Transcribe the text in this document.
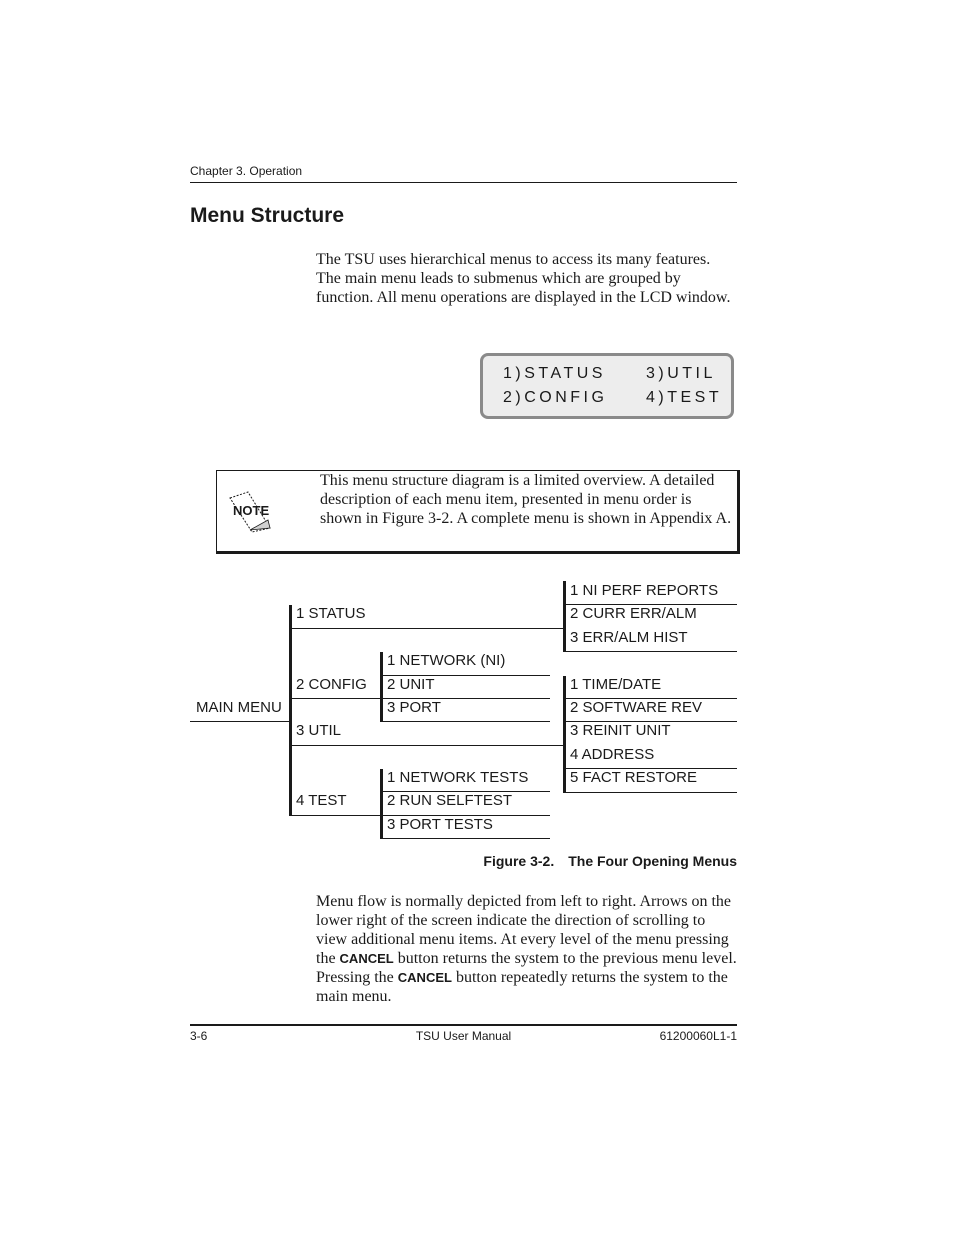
Chapter 3. Operation
Menu Structure
The TSU uses hierarchical menus to access its many features. The main menu leads to submenus which are grouped by function. All menu operations are displayed in the LCD window.
1)STATUS	3)UTIL
2)CONFIG 4)TEST
NOTE
This menu structure diagram is a limited overview. A detailed description of each menu item, presented in menu order is shown in Figure 3-2. A complete menu is shown in Appendix A.
MAIN MENU
1 STATUS
2 CONFIG
3 UTIL
4 TEST
1 NI PERF REPORTS
2 CURR ERR/ALM
3 ERR/ALM HIST
1 NETWORK (NI)
2 UNIT
3 PORT
1 TIME/DATE
2 SOFTWARE REV
3 REINIT UNIT
4 ADDRESS
5 FACT RESTORE
1 NETWORK TESTS
2 RUN SELFTEST
3 PORT TESTS
Figure 3-2. The Four Opening Menus
Menu flow is normally depicted from left to right. Arrows on the lower right of the screen indicate the direction of scrolling to view additional menu items. At every level of the menu pressing the CANCEL button returns the system to the previous menu level. Pressing the CANCEL button repeatedly returns the system to the main menu.
3-6	TSU User Manual	61200060L1-1
